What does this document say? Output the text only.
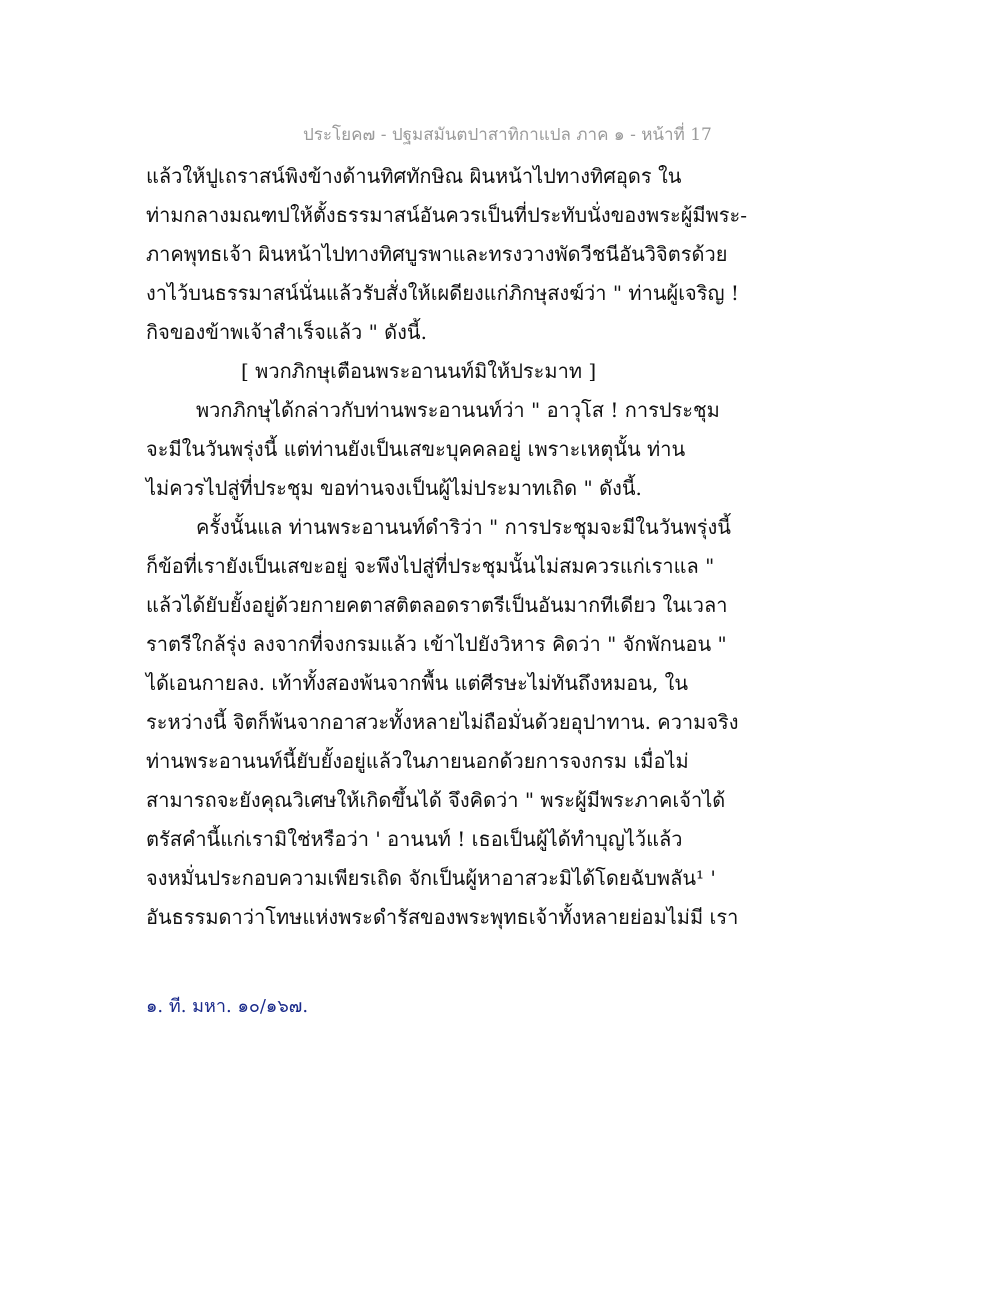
ประโยค๗ - ปฐมสมันตปาสาทิกาแปล ภาค ๑ - หน้าที่ 17
แล้วให้ปูเถราสน์พิงข้างด้านทิศทักษิณ ผินหน้าไปทางทิศอุดร ใน
ท่ามกลางมณฑปให้ตั้งธรรมาสน์อันควรเป็นที่ประทับนั่งของพระผู้มีพระ-
ภาคพุทธเจ้า ผินหน้าไปทางทิศบูรพาและทรงวางพัดวีชนีอันวิจิตรด้วย
งาไว้บนธรรมาสน์นั่นแล้วรับสั่งให้เผดียงแก่ภิกษุสงฆ์ว่า " ท่านผู้เจริญ !
กิจของข้าพเจ้าสำเร็จแล้ว " ดังนี้.
[ พวกภิกษุเตือนพระอานนท์มิให้ประมาท ]
พวกภิกษุได้กล่าวกับท่านพระอานนท์ว่า " อาวุโส ! การประชุม
จะมีในวันพรุ่งนี้ แต่ท่านยังเป็นเสขะบุคคลอยู่ เพราะเหตุนั้น ท่าน
ไม่ควรไปสู่ที่ประชุม ขอท่านจงเป็นผู้ไม่ประมาทเถิด " ดังนี้.
ครั้งนั้นแล ท่านพระอานนท์ดำริว่า " การประชุมจะมีในวันพรุ่งนี้
ก็ข้อที่เรายังเป็นเสขะอยู่ จะพึงไปสู่ที่ประชุมนั้นไม่สมควรแก่เราแล "
แล้วได้ยับยั้งอยู่ด้วยกายคตาสติตลอดราตรีเป็นอันมากทีเดียว ในเวลา
ราตรีใกล้รุ่ง ลงจากที่จงกรมแล้ว เข้าไปยังวิหาร คิดว่า " จักพักนอน "
ได้เอนกายลง. เท้าทั้งสองพ้นจากพื้น แต่ศีรษะไม่ทันถึงหมอน, ใน
ระหว่างนี้ จิตก็พ้นจากอาสวะทั้งหลายไม่ถือมั่นด้วยอุปาทาน. ความจริง
ท่านพระอานนท์นี้ยับยั้งอยู่แล้วในภายนอกด้วยการจงกรม เมื่อไม่
สามารถจะยังคุณวิเศษให้เกิดขึ้นได้ จึงคิดว่า " พระผู้มีพระภาคเจ้าได้
ตรัสคำนี้แก่เรามิใช่หรือว่า ' อานนท์ ! เธอเป็นผู้ได้ทำบุญไว้แล้ว
จงหมั่นประกอบความเพียรเถิด จักเป็นผู้หาอาสวะมิได้โดยฉับพลัน¹ '
อันธรรมดาว่าโทษแห่งพระดำรัสของพระพุทธเจ้าทั้งหลายย่อมไม่มี เรา
๑. ที. มหา. ๑๐/๑๖๗.
